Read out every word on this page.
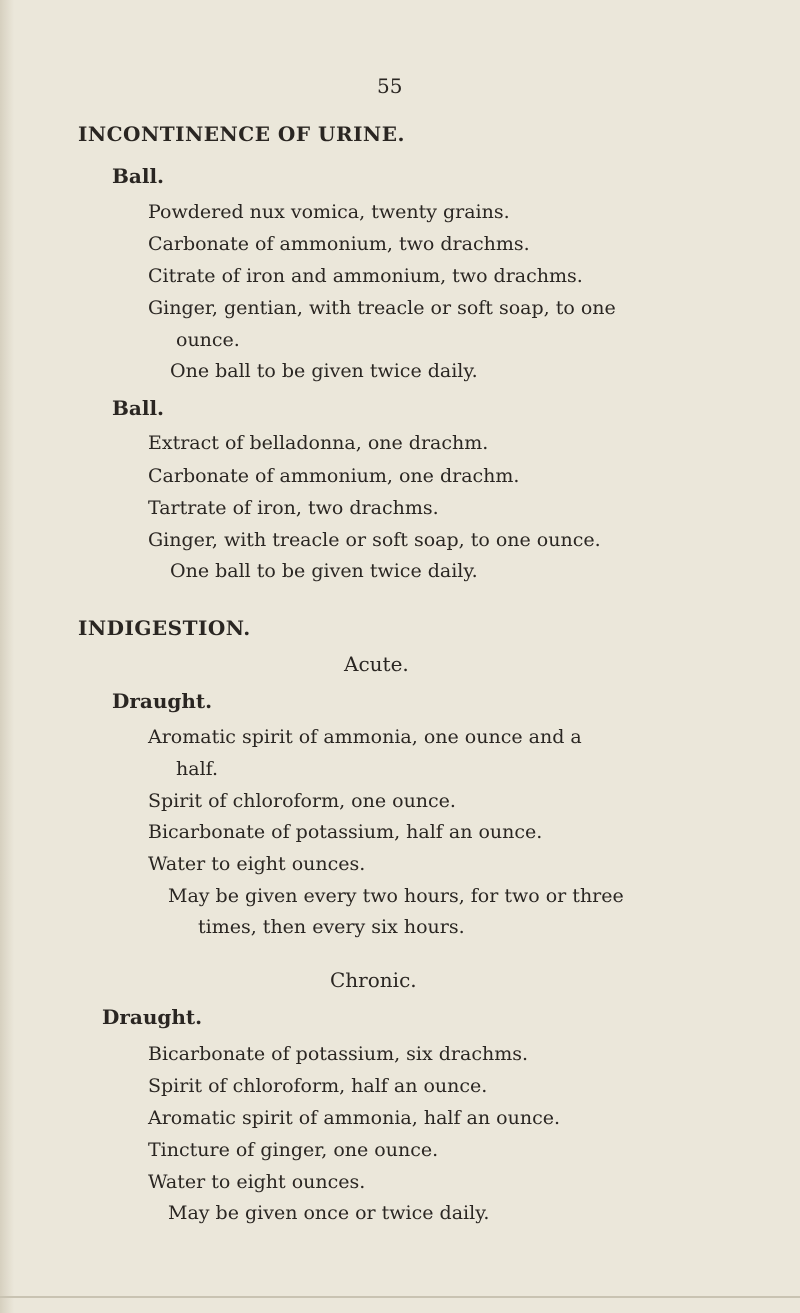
55
INCONTINENCE OF URINE.
Ball.
Powdered nux vomica, twenty grains.
Carbonate of ammonium, two drachms.
Citrate of iron and ammonium, two drachms.
Ginger, gentian, with treacle or soft soap, to one
ounce.
One ball to be given twice daily.
Ball.
Extract of belladonna, one drachm.
Carbonate of ammonium, one drachm.
Tartrate of iron, two drachms.
Ginger, with treacle or soft soap, to one ounce.
One ball to be given twice daily.
INDIGESTION.
Acute.
Draught.
Aromatic spirit of ammonia, one ounce and a
half.
Spirit of chloroform, one ounce.
Bicarbonate of potassium, half an ounce.
Water to eight ounces.
May be given every two hours, for two or three
times, then every six hours.
Chronic.
Draught.
Bicarbonate of potassium, six drachms.
Spirit of chloroform, half an ounce.
Aromatic spirit of ammonia, half an ounce.
Tincture of ginger, one ounce.
Water to eight ounces.
May be given once or twice daily.
